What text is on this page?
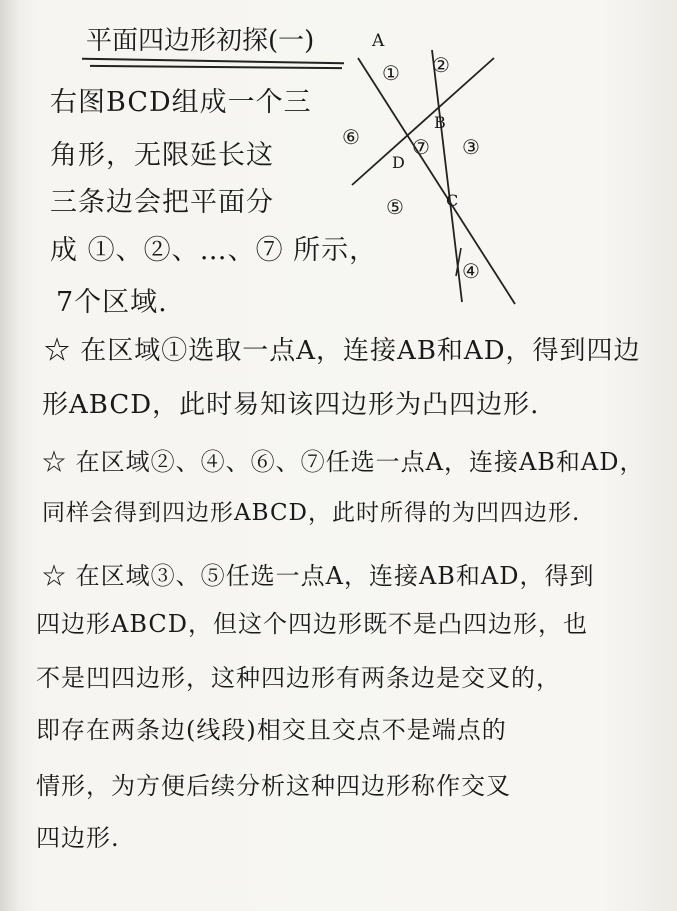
平面四边形初探(一)	A
B
D
C
① ②
③
④
⑤
⑥	⑦
右图BCD组成一个三
角形，无限延长这
三条边会把平面分
成 ①、②、…、⑦ 所示，
7个区域.
☆ 在区域①选取一点A，连接AB和AD，得到四边
形ABCD，此时易知该四边形为凸四边形.
☆ 在区域②、④、⑥、⑦任选一点A，连接AB和AD，
同样会得到四边形ABCD，此时所得的为凹四边形.
☆ 在区域③、⑤任选一点A，连接AB和AD，得到
四边形ABCD，但这个四边形既不是凸四边形，也
不是凹四边形，这种四边形有两条边是交叉的，
即存在两条边(线段)相交且交点不是端点的
情形，为方便后续分析这种四边形称作交叉
四边形.
